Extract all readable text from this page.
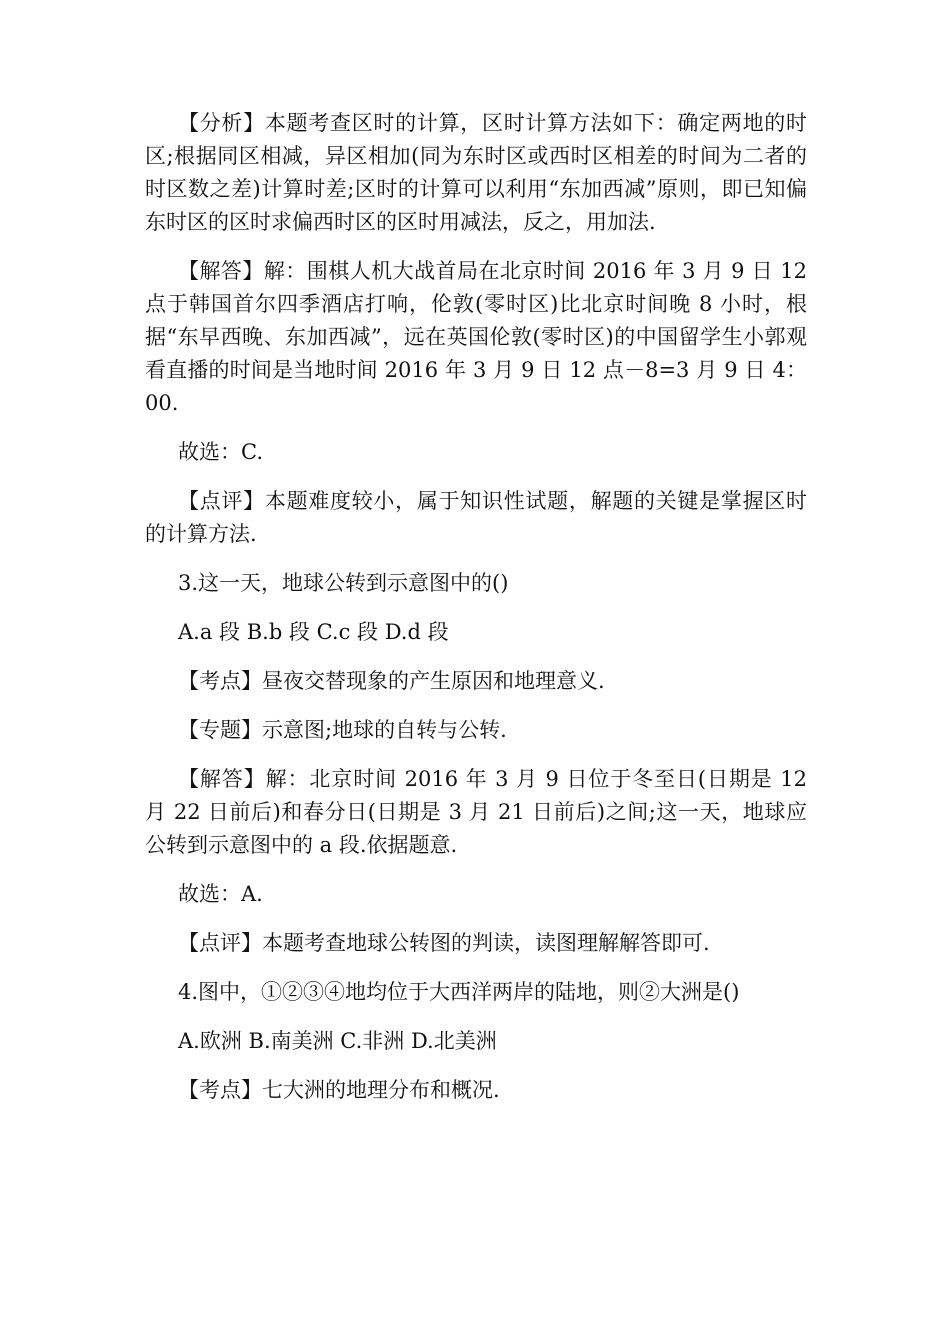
【分析】本题考查区时的计算，区时计算方法如下：确定两地的时区;根据同区相减，异区相加(同为东时区或西时区相差的时间为二者的时区数之差)计算时差;区时的计算可以利用“东加西减”原则，即已知偏东时区的区时求偏西时区的区时用减法，反之，用加法.

【解答】解：围棋人机大战首局在北京时间 2016 年 3 月 9 日 12 点于韩国首尔四季酒店打响，伦敦(零时区)比北京时间晚 8 小时，根据“东早西晚、东加西减”，远在英国伦敦(零时区)的中国留学生小郭观看直播的时间是当地时间 2016 年 3 月 9 日 12 点－8=3 月 9 日 4：00.

故选：C.

【点评】本题难度较小，属于知识性试题，解题的关键是掌握区时的计算方法.

3.这一天，地球公转到示意图中的()

A.a 段 B.b 段 C.c 段 D.d 段

【考点】昼夜交替现象的产生原因和地理意义.

【专题】示意图;地球的自转与公转.

【解答】解：北京时间 2016 年 3 月 9 日位于冬至日(日期是 12 月 22 日前后)和春分日(日期是 3 月 21 日前后)之间;这一天，地球应公转到示意图中的 a 段.依据题意.

故选：A.

【点评】本题考查地球公转图的判读，读图理解解答即可.

4.图中，①②③④地均位于大西洋两岸的陆地，则②大洲是()

A.欧洲 B.南美洲 C.非洲 D.北美洲

【考点】七大洲的地理分布和概况.
